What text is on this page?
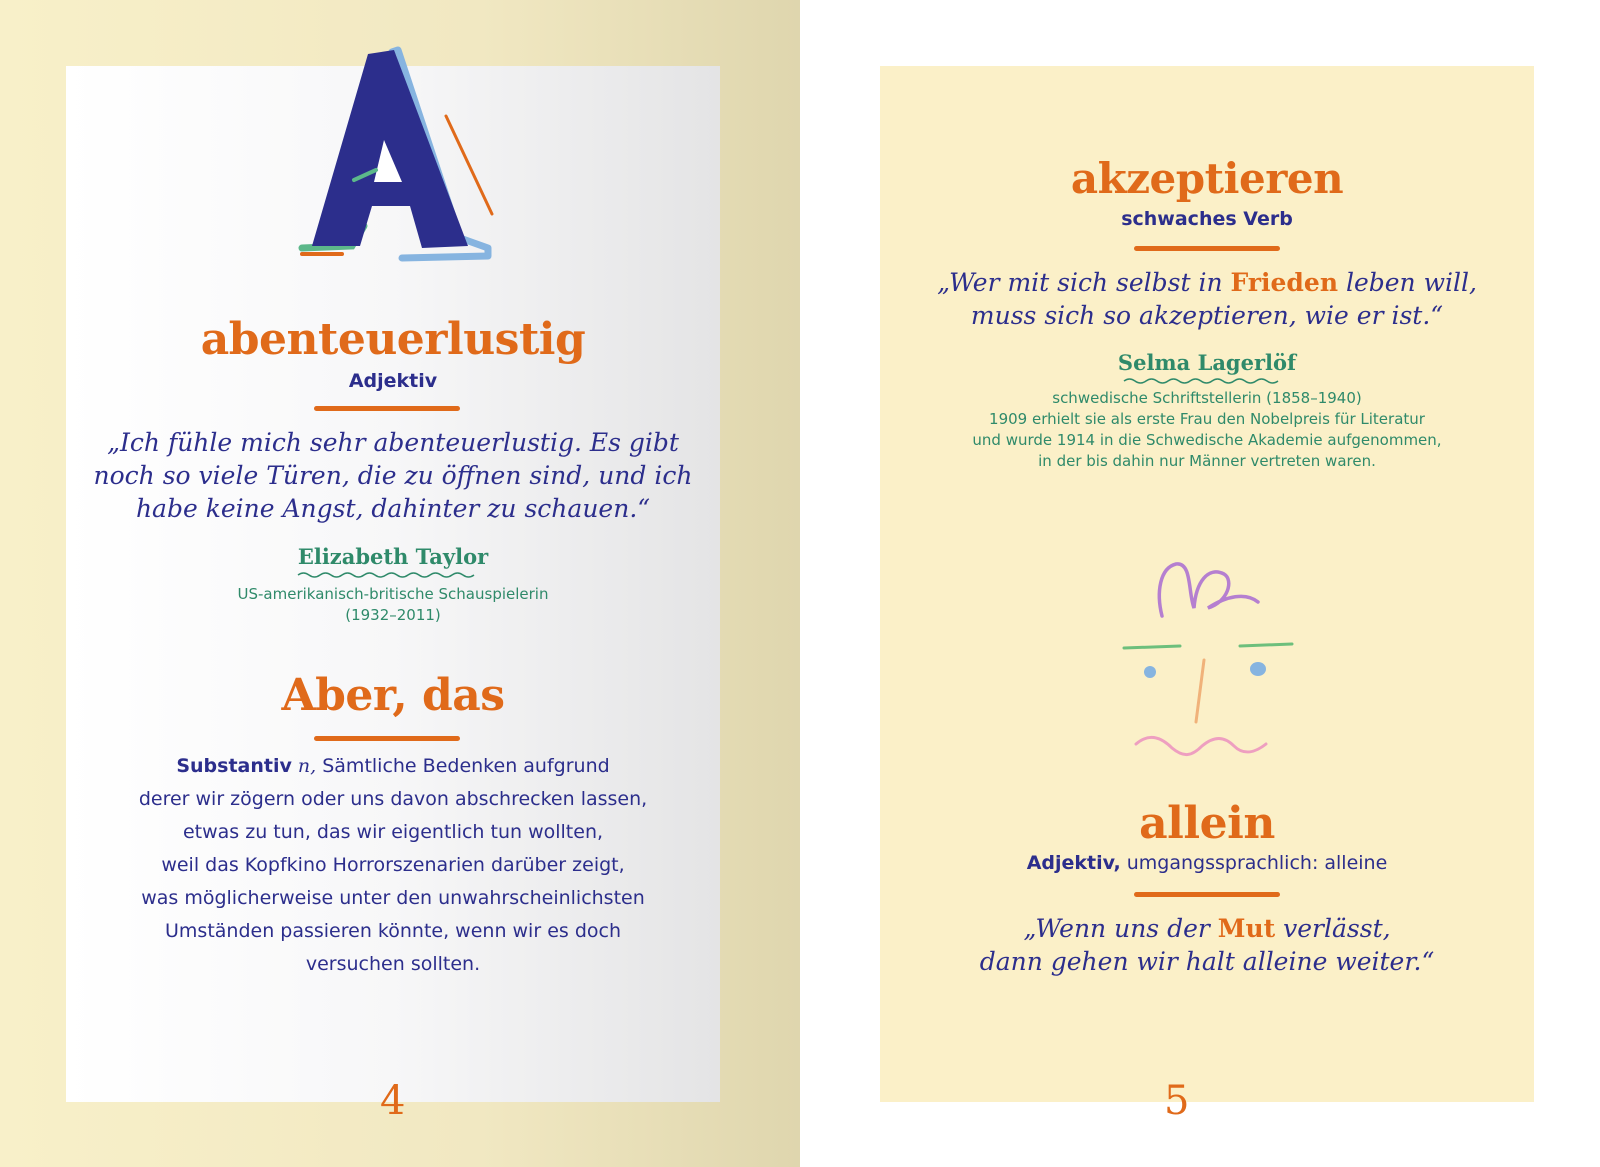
abenteuerlustig
Adjektiv
„Ich fühle mich sehr abenteuerlustig. Es gibt
noch so viele Türen, die zu öffnen sind, und ich
habe keine Angst, dahinter zu schauen.“
Elizabeth Taylor
US-amerikanisch-britische Schauspielerin
(1932–2011)
Aber, das
Substantiv n, Sämtliche Bedenken aufgrund
derer wir zögern oder uns davon abschrecken lassen,
etwas zu tun, das wir eigentlich tun wollten,
weil das Kopfkino Horrorszenarien darüber zeigt,
was möglicherweise unter den unwahrscheinlichsten
Umständen passieren könnte, wenn wir es doch
versuchen sollten.
4
akzeptieren
schwaches Verb
„Wer mit sich selbst in Frieden leben will,
muss sich so akzeptieren, wie er ist.“
Selma Lagerlöf
schwedische Schriftstellerin (1858–1940)
1909 erhielt sie als erste Frau den Nobelpreis für Literatur
und wurde 1914 in die Schwedische Akademie aufgenommen,
in der bis dahin nur Männer vertreten waren.
allein
Adjektiv, umgangssprachlich: alleine
„Wenn uns der Mut verlässt,
dann gehen wir halt alleine weiter.“
5
